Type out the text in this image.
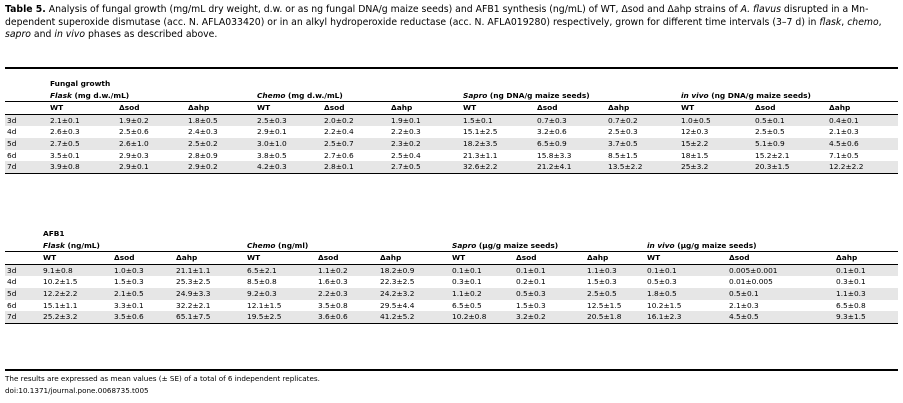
Table 5. Analysis of fungal growth (mg/mL dry weight, d.w. or as ng fungal DNA/g maize seeds) and AFB1 synthesis (ng/mL) of WT, Δsod and Δahp strains of A. flavus disrupted in a Mn-dependent superoxide dismutase (acc. N. AFLA033420) or in an alkyl hydroperoxide reductase (acc. N. AFLA019280) respectively, grown for different time intervals (3–7 d) in flask, chemo, sapro and in vivo phases as described above.
	Fungal growth											
	Flask (mg d.w./mL)			Chemo (mg d.w./mL)			Sapro (ng DNA/g maize seeds)			in vivo (ng DNA/g maize seeds)		
	WT	Δsod	Δahp	WT	Δsod	Δahp	WT	Δsod	Δahp	WT	Δsod	Δahp
3d	2.1±0.1	1.9±0.2	1.8±0.5	2.5±0.3	2.0±0.2	1.9±0.1	1.5±0.1	0.7±0.3	0.7±0.2	1.0±0.5	0.5±0.1	0.4±0.1
4d	2.6±0.3	2.5±0.6	2.4±0.3	2.9±0.1	2.2±0.4	2.2±0.3	15.1±2.5	3.2±0.6	2.5±0.3	12±0.3	2.5±0.5	2.1±0.3
5d	2.7±0.5	2.6±1.0	2.5±0.2	3.0±1.0	2.5±0.7	2.3±0.2	18.2±3.5	6.5±0.9	3.7±0.5	15±2.2	5.1±0.9	4.5±0.6
6d	3.5±0.1	2.9±0.3	2.8±0.9	3.8±0.5	2.7±0.6	2.5±0.4	21.3±1.1	15.8±3.3	8.5±1.5	18±1.5	15.2±2.1	7.1±0.5
7d	3.9±0.8	2.9±0.1	2.9±0.2	4.2±0.3	2.8±0.1	2.7±0.5	32.6±2.2	21.2±4.1	13.5±2.2	25±3.2	20.3±1.5	12.2±2.2
	AFB1											
	Flask (ng/mL)			Chemo (ng/ml)			Sapro (μg/g maize seeds)			in vivo (μg/g maize seeds)		
	WT	Δsod	Δahp	WT	Δsod	Δahp	WT	Δsod	Δahp	WT	Δsod	Δahp
3d	9.1±0.8	1.0±0.3	21.1±1.1	6.5±2.1	1.1±0.2	18.2±0.9	0.1±0.1	0.1±0.1	1.1±0.3	0.1±0.1	0.005±0.001	0.1±0.1
4d	10.2±1.5	1.5±0.3	25.3±2.5	8.5±0.8	1.6±0.3	22.3±2.5	0.3±0.1	0.2±0.1	1.5±0.3	0.5±0.3	0.01±0.005	0.3±0.1
5d	12.2±2.2	2.1±0.5	24.9±3.3	9.2±0.3	2.2±0.3	24.2±3.2	1.1±0.2	0.5±0.3	2.5±0.5	1.8±0.5	0.5±0.1	1.1±0.3
6d	15.1±1.1	3.3±0.1	32.2±2.1	12.1±1.5	3.5±0.8	29.5±4.4	6.5±0.5	1.5±0.3	12.5±1.5	10.2±1.5	2.1±0.3	6.5±0.8
7d	25.2±3.2	3.5±0.6	65.1±7.5	19.5±2.5	3.6±0.6	41.2±5.2	10.2±0.8	3.2±0.2	20.5±1.8	16.1±2.3	4.5±0.5	9.3±1.5
The results are expressed as mean values (± SE) of a total of 6 independent replicates.
doi:10.1371/journal.pone.0068735.t005
